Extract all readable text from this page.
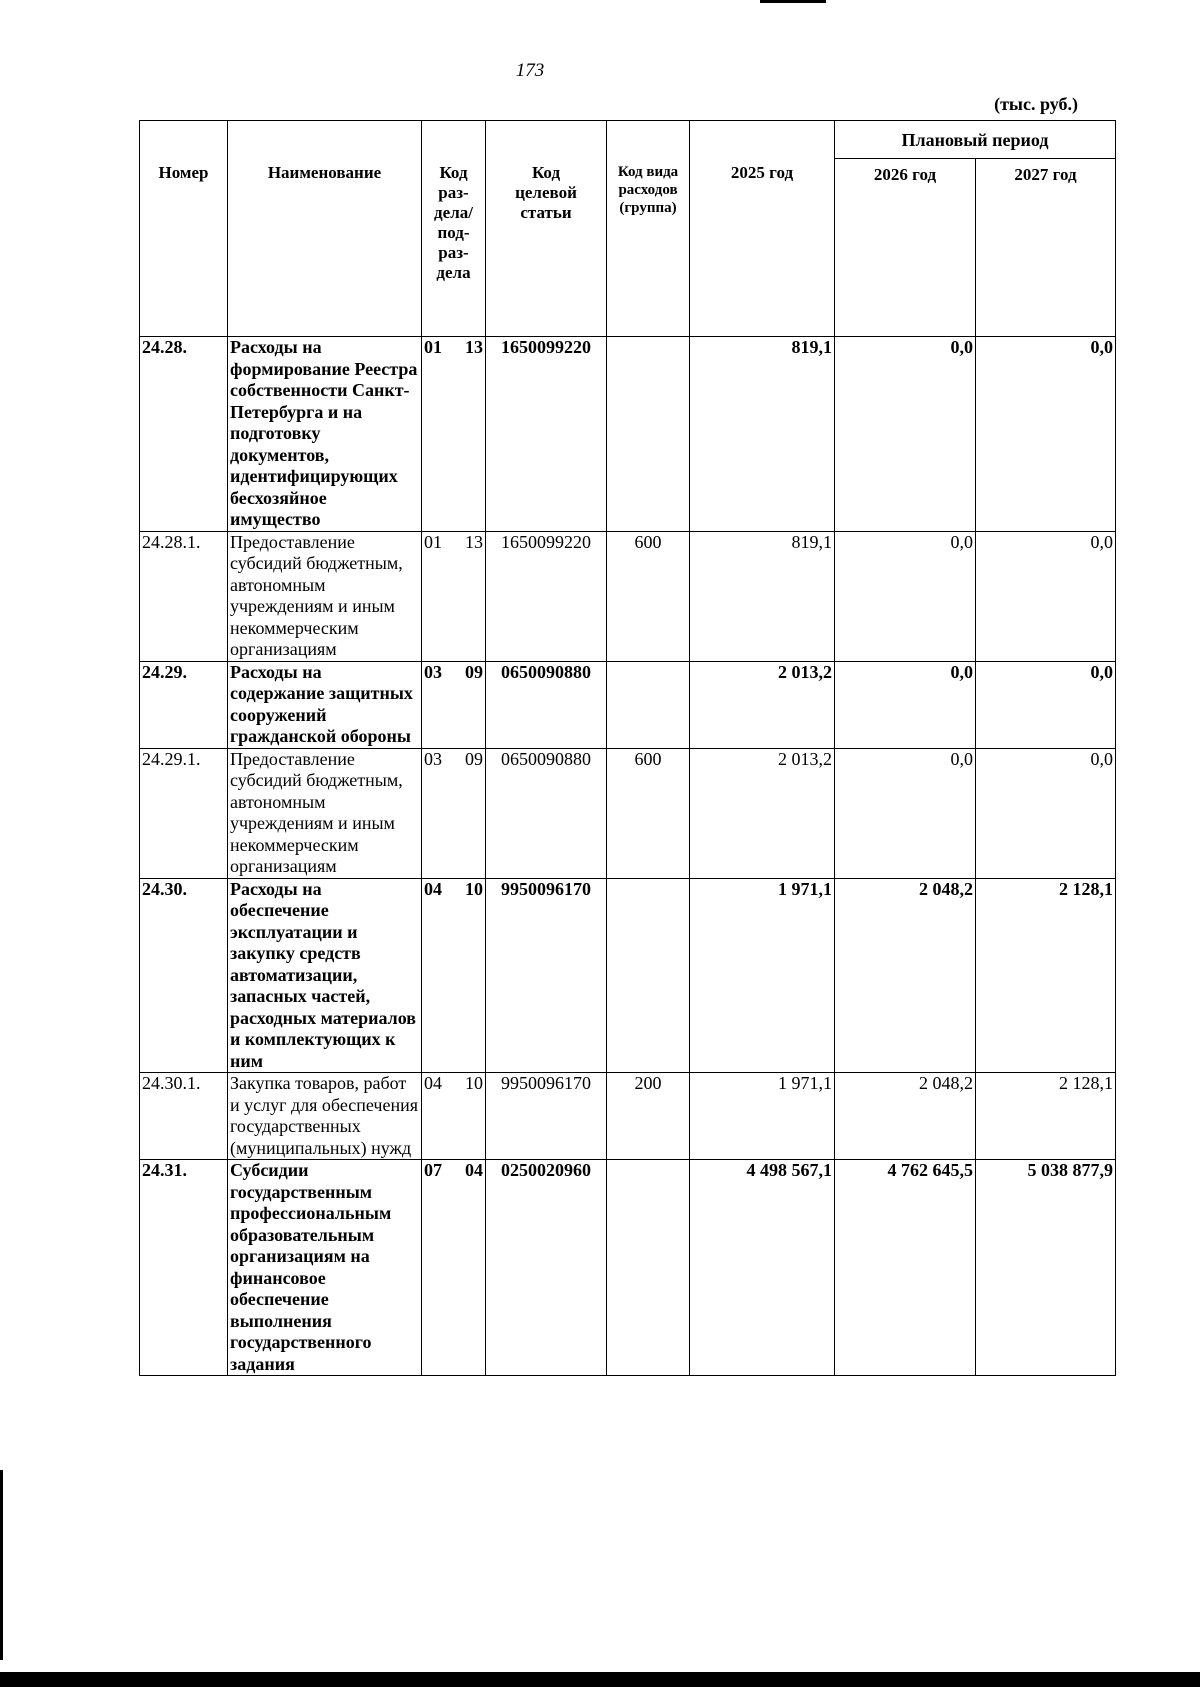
173
(тыс. руб.)
Номер	Наименование	Код раз-дела/ под-раз-дела	Код целевой статьи	Код вида расходов (группа)	2025 год	Плановый период	
						2026 год	2027 год
24.28.	Расходы на формирование Реестра собственности Санкт-Петербурга и на подготовку документов, идентифицирующих бесхозяйное имущество	01 13	1650099220		819,1	0,0	0,0
24.28.1.	Предоставление субсидий бюджетным, автономным учреждениям и иным некоммерческим организациям	01 13	1650099220	600	819,1	0,0	0,0
24.29.	Расходы на содержание защитных сооружений гражданской обороны	03 09	0650090880		2 013,2	0,0	0,0
24.29.1.	Предоставление субсидий бюджетным, автономным учреждениям и иным некоммерческим организациям	03 09	0650090880	600	2 013,2	0,0	0,0
24.30.	Расходы на обеспечение эксплуатации и закупку средств автоматизации, запасных частей, расходных материалов и комплектующих к ним	04 10	9950096170		1 971,1	2 048,2	2 128,1
24.30.1.	Закупка товаров, работ и услуг для обеспечения государственных (муниципальных) нужд	04 10	9950096170	200	1 971,1	2 048,2	2 128,1
24.31.	Субсидии государственным профессиональным образовательным организациям на финансовое обеспечение выполнения государственного задания	07 04	0250020960		4 498 567,1	4 762 645,5	5 038 877,9
